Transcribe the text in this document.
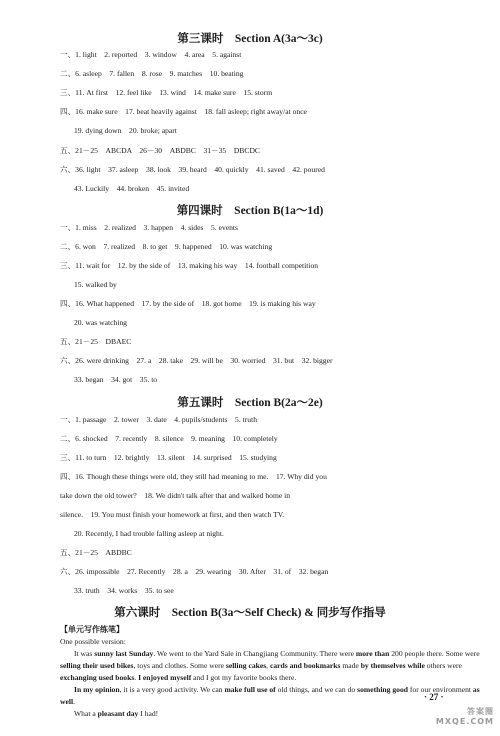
第三课时　Section A(3a～3c)
一、1. light　2. reported　3. window　4. area　5. against
二、6. asleep　7. fallen　8. rose　9. matches　10. beating
三、11. At first　12. feel like　13. wind　14. make sure　15. storm
四、16. make sure　17. beat heavily against　18. fall asleep; right away/at once
19. dying down　20. broke; apart
五、21－25　ABCDA　26－30　ABDBC　31－35　DBCDC
六、36. light　37. asleep　38. look　39. heard　40. quickly　41. saved　42. poured
43. Luckily　44. broken　45. invited
第四课时　Section B(1a～1d)
一、1. miss　2. realized　3. happen　4. sides　5. events
二、6. won　7. realized　8. to get　9. happened　10. was watching
三、11. wait for　12. by the side of　13. making his way　14. football competition
15. walked by
四、16. What happened　17. by the side of　18. got home　19. is making his way
20. was watching
五、21－25　DBAEC
六、26. were drinking　27. a　28. take　29. will be　30. worried　31. but　32. bigger
33. began　34. got　35. to
第五课时　Section B(2a～2e)
一、1. passage　2. tower　3. date　4. pupils/students　5. truth
二、6. shocked　7. recently　8. silence　9. meaning　10. completely
三、11. to turn　12. brightly　13. silent　14. surprised　15. studying
四、16. Though these things were old, they still had meaning to me.　17. Why did you
take down the old tower?　18. We didn't talk after that and walked home in
silence.　19. You must finish your homework at first, and then watch TV.
20. Recently, I had trouble falling asleep at night.
五、21－25　ABDBC
六、26. impossible　27. Recently　28. a　29. wearing　30. After　31. of　32. began
33. truth　34. works　35. to see
第六课时　Section B(3a～Self Check) & 同步写作指导
【单元写作练笔】

One possible version:

It was sunny last Sunday. We went to the Yard Sale in Changjiang Community. There were more than 200 people there. Some were selling their used bikes, toys and clothes. Some were selling cakes, cards and bookmarks made by themselves while others were exchanging used books. I enjoyed myself and I got my favorite books there.

In my opinion, it is a very good activity. We can make full use of old things, and we can do something good for our environment as well.

What a pleasant day I had!

· 27 ·
答案圈 MXQE.COM
